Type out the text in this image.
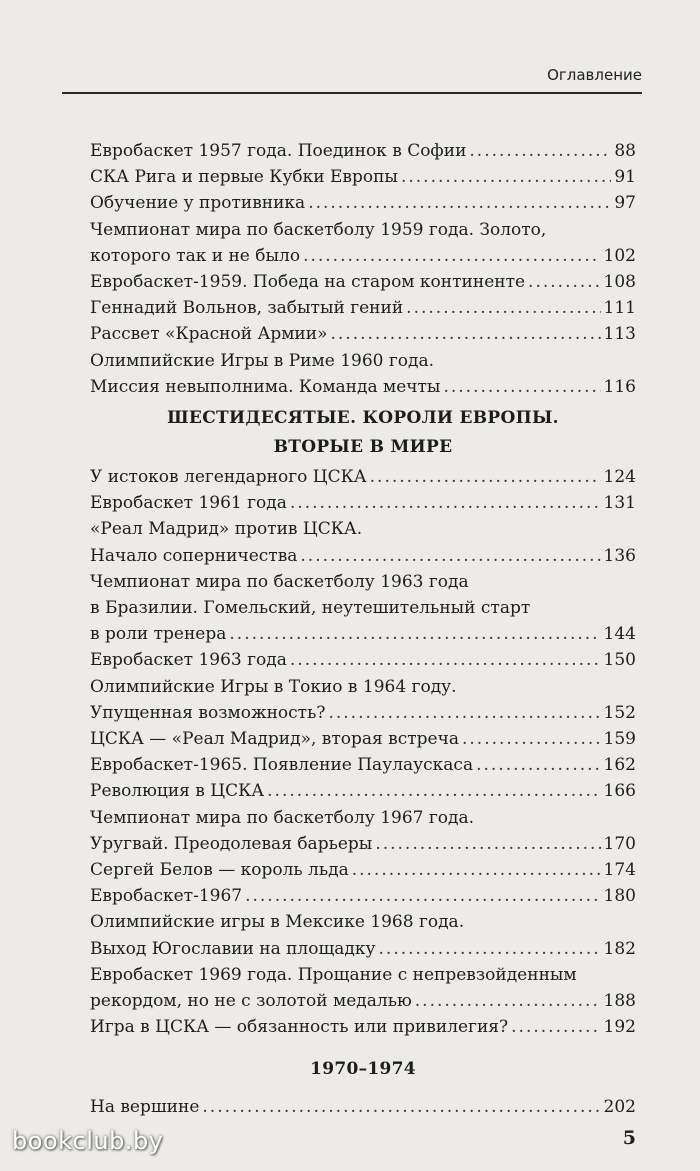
Оглавление
Евробаскет 1957 года. Поединок в Софии .....	88
СКА Рига и первые Кубки Европы .....	91
Обучение у противника .....	97
Чемпионат мира по баскетболу 1959 года. Золото,
которого так и не было .....	102
Евробаскет-1959. Победа на старом континенте .....	108
Геннадий Вольнов, забытый гений .....	111
Рассвет «Красной Армии» .....	113
Олимпийские Игры в Риме 1960 года.
Миссия невыполнима. Команда мечты .....	116
ШЕСТИДЕСЯТЫЕ. КОРОЛИ ЕВРОПЫ.
ВТОРЫЕ В МИРЕ
У истоков легендарного ЦСКА .....	124
Евробаскет 1961 года .....	131
«Реал Мадрид» против ЦСКА.
Начало соперничества .....	136
Чемпионат мира по баскетболу 1963 года
в Бразилии. Гомельский, неутешительный старт
в роли тренера .....	144
Евробаскет 1963 года .....	150
Олимпийские Игры в Токио в 1964 году.
Упущенная возможность? .....	152
ЦСКА — «Реал Мадрид», вторая встреча .....	159
Евробаскет-1965. Появление Паулаускаса .....	162
Революция в ЦСКА .....	166
Чемпионат мира по баскетболу 1967 года.
Уругвай. Преодолевая барьеры .....	170
Сергей Белов — король льда .....	174
Евробаскет-1967 .....	180
Олимпийские игры в Мексике 1968 года.
Выход Югославии на площадку .....	182
Евробаскет 1969 года. Прощание с непревзойденным
рекордом, но не с золотой медалью .....	188
Игра в ЦСКА — обязанность или привилегия? .....	192
1970–1974
На вершине .....	202
bookclub.by	5
